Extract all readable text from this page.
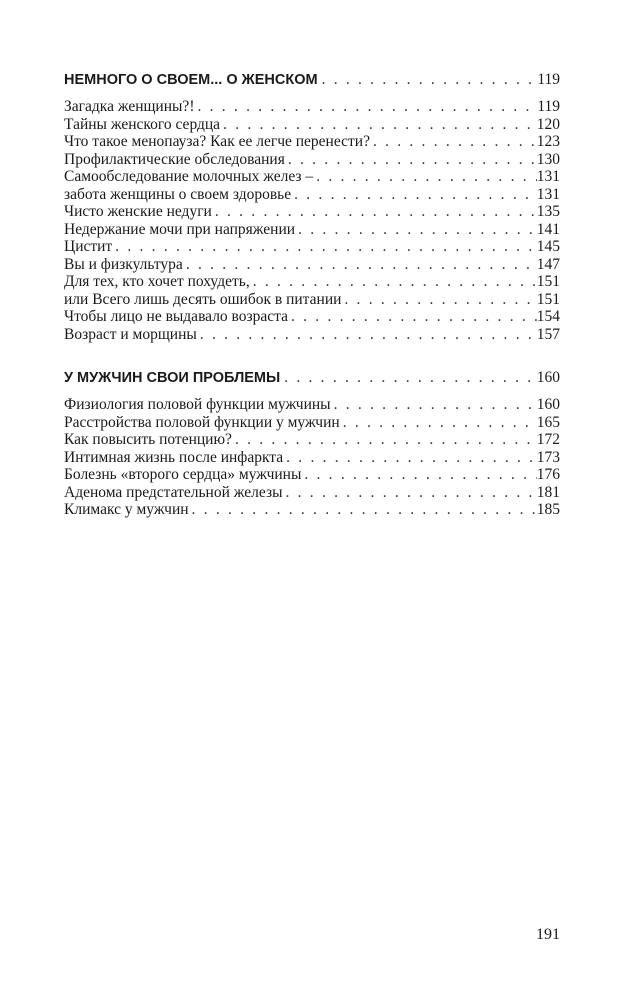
НЕМНОГО О СВОЕМ... О ЖЕНСКОМ . . .	119
Загадка женщины?! . . .	119
Тайны женского сердца . . .	120
Что такое менопауза? Как ее легче перенести? . . .	123
Профилактические обследования . . .	130
Самообследование молочных желез – . . .	131
забота женщины о своем здоровье . . .	131
Чисто женские недуги . . .	135
Недержание мочи при напряжении . . .	141
Цистит . . .	145
Вы и физкультура . . .	147
Для тех, кто хочет похудеть, . . .	151
или Всего лишь десять ошибок в питании . . .	151
Чтобы лицо не выдавало возраста . . .	154
Возраст и морщины . . .	157
У МУЖЧИН СВОИ ПРОБЛЕМЫ . . .	160
Физиология половой функции мужчины . . .	160
Расстройства половой функции у мужчин . . .	165
Как повысить потенцию? . . .	172
Интимная жизнь после инфаркта . . .	173
Болезнь «второго сердца» мужчины . . .	176
Аденома предстательной железы . . .	181
Климакс у мужчин . . .	185
191
